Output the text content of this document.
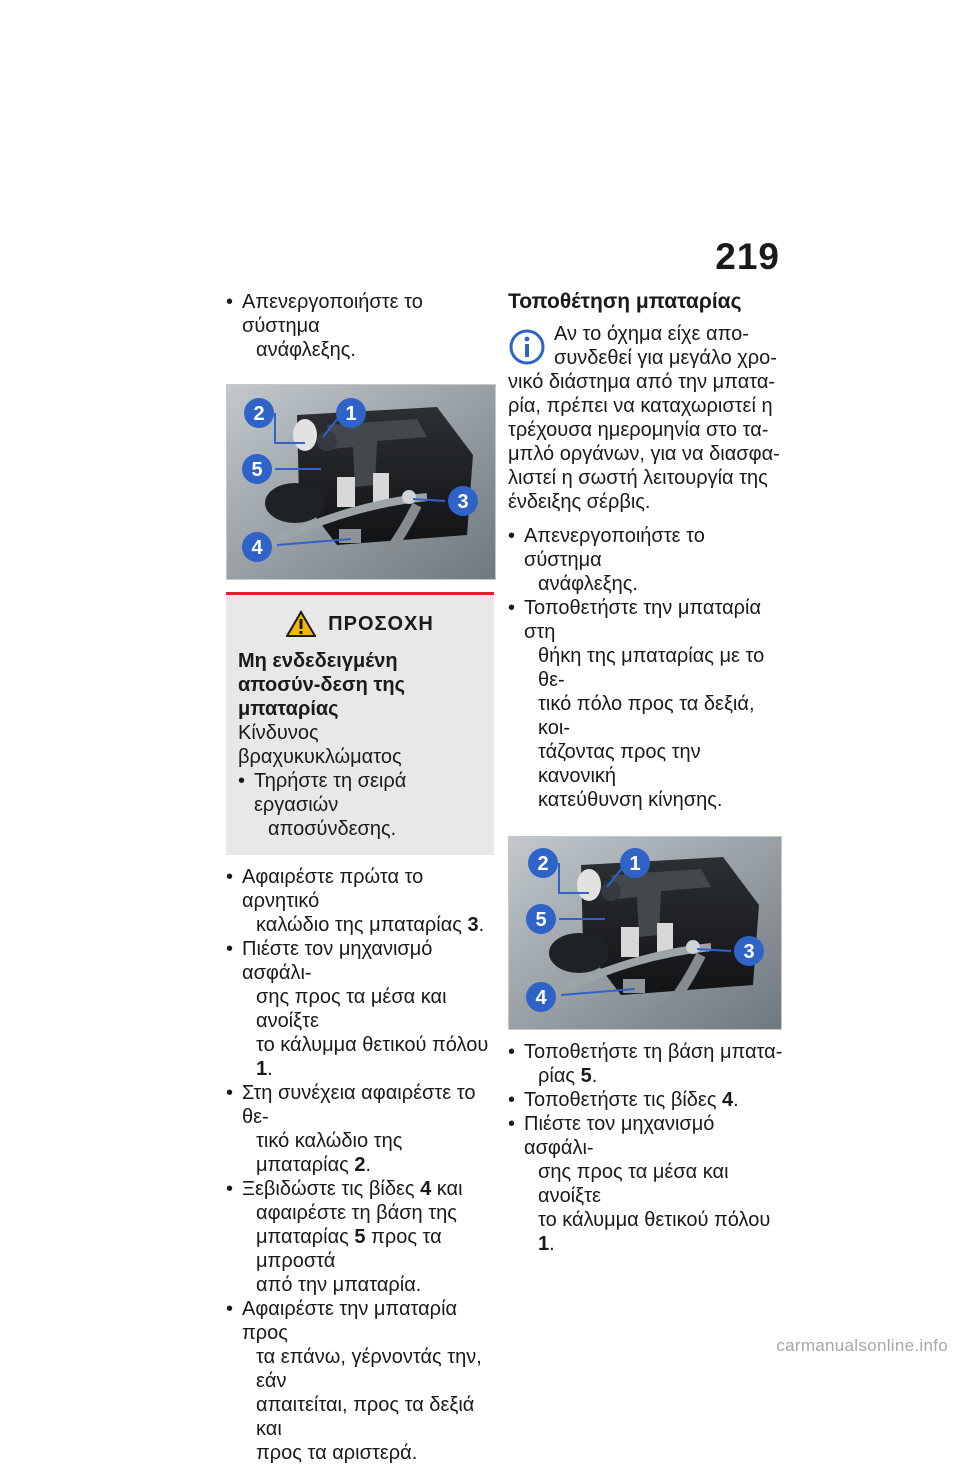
219

• Απενεργοποιήστε το σύστημα

ανάφλεξης.

2	1
5
3
4
ΠΡΟΣΟΧΗ
Μη ενδεδειγμένη αποσύν-δεση της μπαταρίας
Κίνδυνος βραχυκυκλώματος

• Τηρήστε τη σειρά εργασιών

αποσύνδεσης.

• Αφαιρέστε πρώτα το αρνητικό

καλώδιο της μπαταρίας 3.

• Πιέστε τον μηχανισμό ασφάλι-

σης προς τα μέσα και ανοίξτε
το κάλυμμα θετικού πόλου 1.

• Στη συνέχεια αφαιρέστε το θε-

τικό καλώδιο της μπαταρίας 2.

• Ξεβιδώστε τις βίδες 4 και

αφαιρέστε τη βάση της
μπαταρίας 5 προς τα μπροστά
από την μπαταρία.

• Αφαιρέστε την μπαταρία προς

τα επάνω, γέρνοντάς την, εάν
απαιτείται, προς τα δεξιά και
προς τα αριστερά.

Τοποθέτηση μπαταρίας
Αν το όχημα είχε απο-
συνδεθεί για μεγάλο χρο-
νικό διάστημα από την μπατα-
ρία, πρέπει να καταχωριστεί η
τρέχουσα ημερομηνία στο τα-
μπλό οργάνων, για να διασφα-
λιστεί η σωστή λειτουργία της
ένδειξης σέρβις.

• Απενεργοποιήστε το σύστημα

ανάφλεξης.

• Τοποθετήστε την μπαταρία στη

θήκη της μπαταρίας με το θε-
τικό πόλο προς τα δεξιά, κοι-
τάζοντας προς την κανονική
κατεύθυνση κίνησης.

2	1
5
3
4

• Τοποθετήστε τη βάση μπατα-

ρίας 5.

• Τοποθετήστε τις βίδες 4.

• Πιέστε τον μηχανισμό ασφάλι-

σης προς τα μέσα και ανοίξτε
το κάλυμμα θετικού πόλου 1.

carmanualsonline.info
